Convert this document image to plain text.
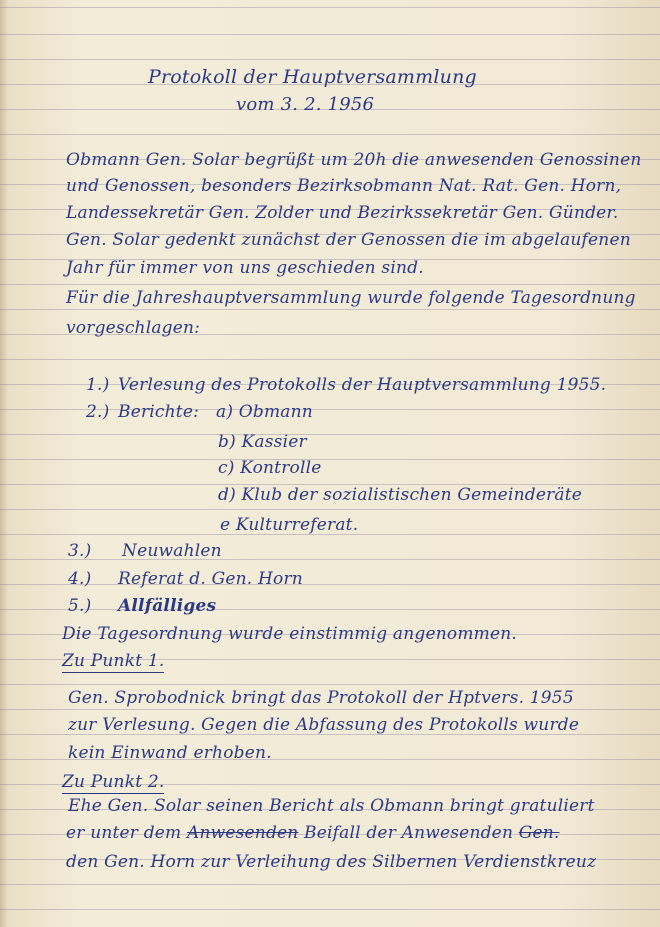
Protokoll der Hauptversammlung
vom 3. 2. 1956
Obmann Gen. Solar begrüßt um 20h die anwesenden Genossinen
und Genossen, besonders Bezirksobmann Nat. Rat. Gen. Horn,
Landessekretär Gen. Zolder und Bezirkssekretär Gen. Günder.
Gen. Solar gedenkt zunächst der Genossen die im abgelaufenen
Jahr für immer von uns geschieden sind.
Für die Jahreshauptversammlung wurde folgende Tagesordnung
vorgeschlagen:
1.) Verlesung des Protokolls der Hauptversammlung 1955.
2.) Berichte: a) Obmann
b) Kassier
c) Kontrolle
d) Klub der sozialistischen Gemeinderäte
e Kulturreferat.
3.) Neuwahlen
4.) Referat d. Gen. Horn
5.) Allfälliges
Die Tagesordnung wurde einstimmig angenommen.
Zu Punkt 1.
Gen. Sprobodnick bringt das Protokoll der Hptvers. 1955
zur Verlesung. Gegen die Abfassung des Protokolls wurde
kein Einwand erhoben.
Zu Punkt 2.
Ehe Gen. Solar seinen Bericht als Obmann bringt gratuliert
er unter dem Anwesenden Beifall der Anwesenden Gen.
den Gen. Horn zur Verleihung des Silbernen Verdienstkreuz
